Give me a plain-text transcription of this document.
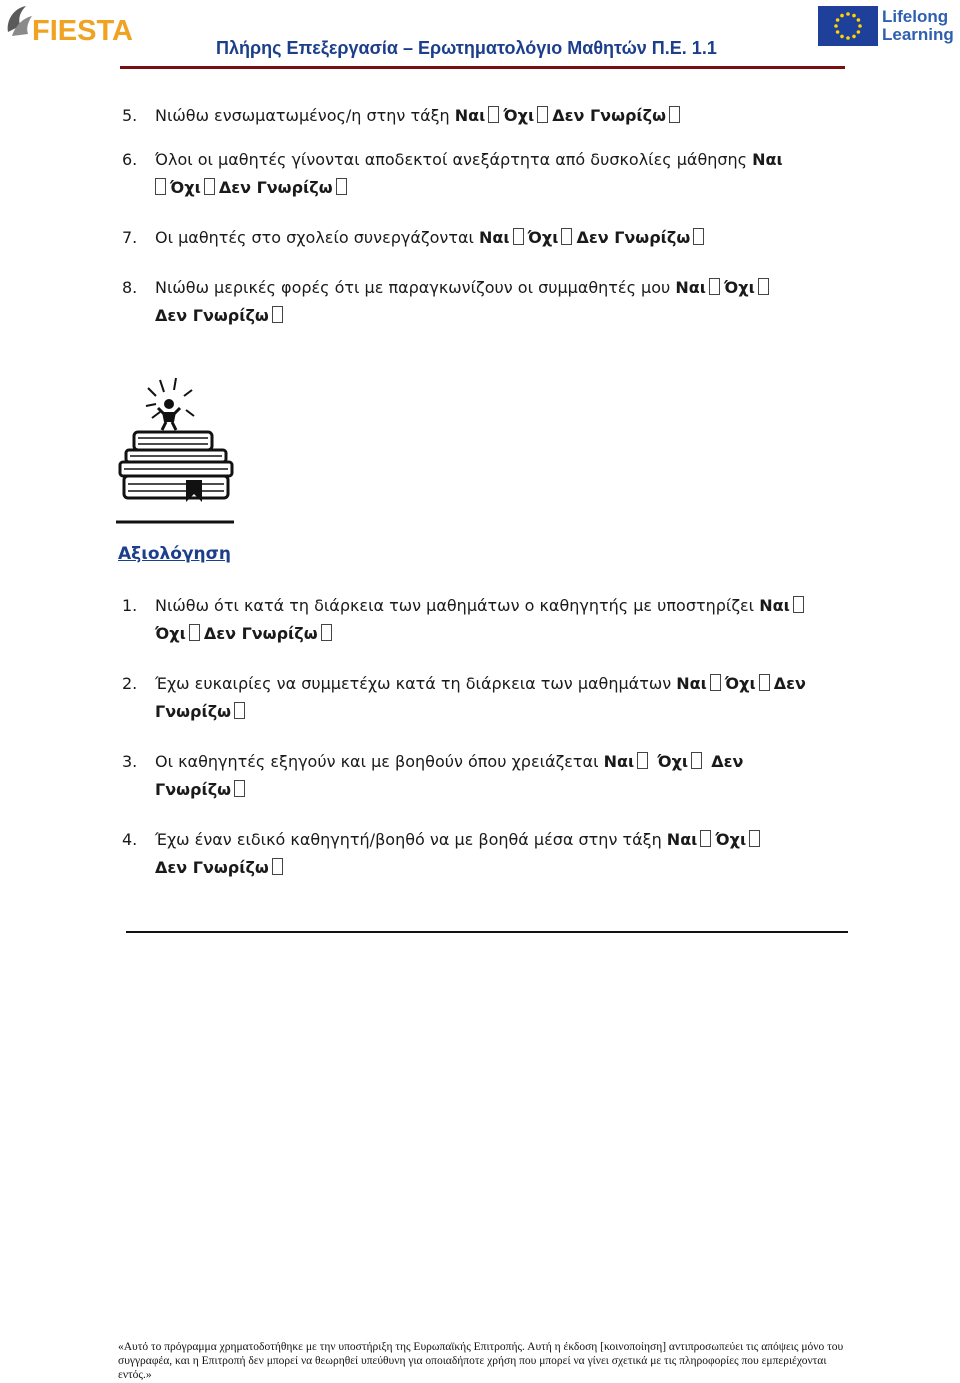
FIESTA
Πλήρης Επεξεργασία – Ερωτηματολόγιο Μαθητών Π.Ε. 1.1
Lifelong
Learning
5.	Νιώθω ενσωματωμένος/η στην τάξη Ναι Όχι Δεν Γνωρίζω
6.	Όλοι οι μαθητές γίνονται αποδεκτοί ανεξάρτητα από δυσκολίες μάθησης Ναι
Όχι Δεν Γνωρίζω
7.	Οι μαθητές στο σχολείο συνεργάζονται Ναι Όχι Δεν Γνωρίζω
8.	Νιώθω μερικές φορές ότι με παραγκωνίζουν οι συμμαθητές μου Ναι Όχι
Δεν Γνωρίζω
Αξιολόγηση
1.	Νιώθω ότι κατά τη διάρκεια των μαθημάτων ο καθηγητής με υποστηρίζει Ναι
Όχι Δεν Γνωρίζω
2.	Έχω ευκαιρίες να συμμετέχω κατά τη διάρκεια των μαθημάτων Ναι Όχι Δεν
Γνωρίζω
3.	Οι καθηγητές εξηγούν και με βοηθούν όπου χρειάζεται Ναι Όχι Δεν
Γνωρίζω
4.	Έχω έναν ειδικό καθηγητή/βοηθό να με βοηθά μέσα στην τάξη Ναι Όχι
Δεν Γνωρίζω
«Αυτό το πρόγραμμα χρηματοδοτήθηκε με την υποστήριξη της Ευρωπαϊκής Επιτροπής. Αυτή η έκδοση [κοινοποίηση] αντιπροσωπεύει τις απόψεις μόνο του συγγραφέα, και η Επιτροπή δεν μπορεί να θεωρηθεί υπεύθυνη για οποιαδήποτε χρήση που μπορεί να γίνει σχετικά με τις πληροφορίες που εμπεριέχονται εντός.»
